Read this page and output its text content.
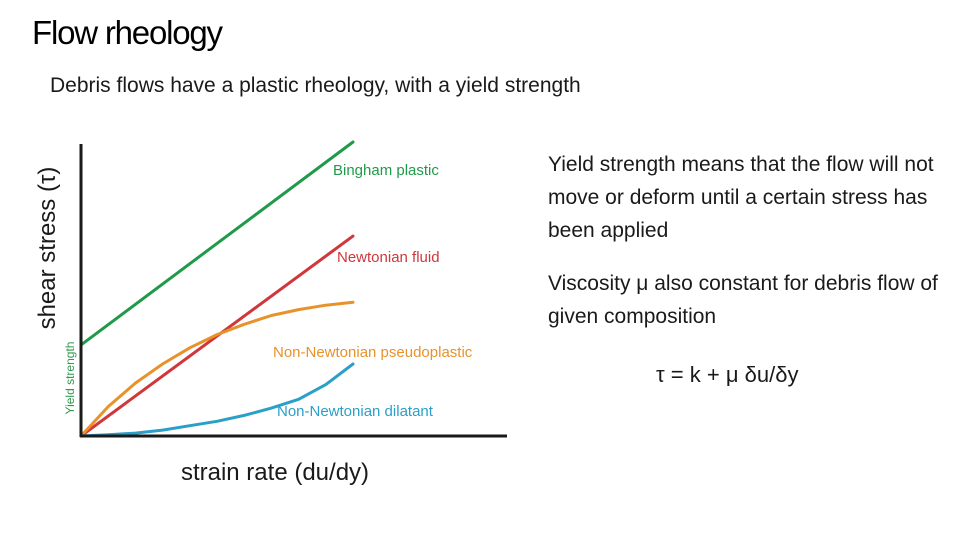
Flow rheology
Debris flows have a plastic rheology, with a yield strength
Bingham plastic
Newtonian fluid
Non-Newtonian pseudoplastic
Non-Newtonian dilatant
shear stress (τ)
strain rate (du/dy)
Yield strength

Yield strength means that the flow will not move or deform until a certain stress has been applied

Viscosity μ also constant for debris flow of given composition

τ = k + μ δu/δy
